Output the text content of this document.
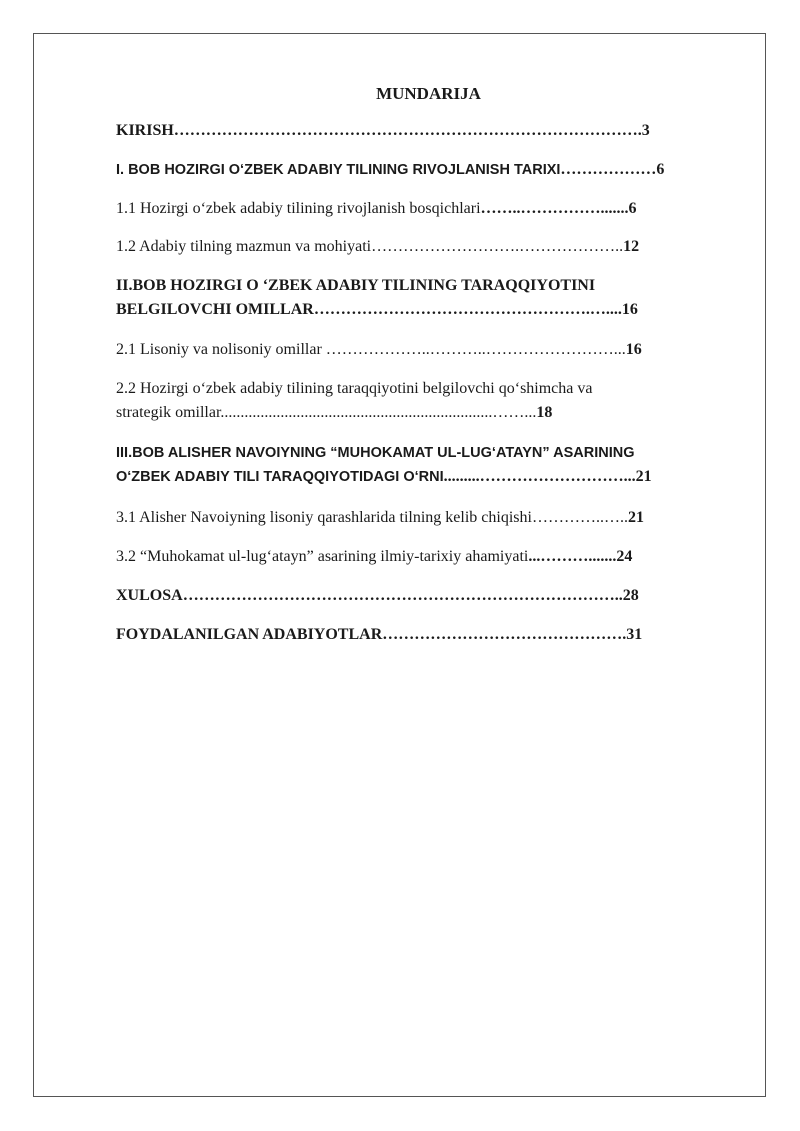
MUNDARIJA
KIRISH…………………………………………………………………………….3
I. BOB HOZIRGI O‘ZBEK ADABIY TILINING RIVOJLANISH TARIXI………………6
1.1 Hozirgi o‘zbek adabiy tilining rivojlanish bosqichlari……..…………….......6
1.2 Adabiy tilning mazmun va mohiyati……………………….………………..12
II.BOB HOZIRGI O ‘ZBEK ADABIY TILINING TARAQQIYOTINI
BELGILOVCHI OMILLAR…………………………………………….…....16
2.1 Lisoniy va nolisoniy omillar ………………..………..……………………...16
2.2 Hozirgi o‘zbek adabiy tilining taraqqiyotini belgilovchi qo‘shimcha va
strategik omillar....................................................................……...18
III.BOB ALISHER NAVOIYNING “MUHOKAMAT UL-LUG‘ATAYN” ASARINING
O‘ZBEK ADABIY TILI TARAQQIYOTIDAGI O‘RNI.........………………………...21
3.1 Alisher Navoiyning lisoniy qarashlarida tilning kelib chiqishi…………..…..21
3.2 “Muhokamat ul-lug‘atayn” asarining ilmiy-tarixiy ahamiyati...……….......24
XULOSA………………………………………………………………………..28
FOYDALANILGAN ADABIYOTLAR……………………………………….31
